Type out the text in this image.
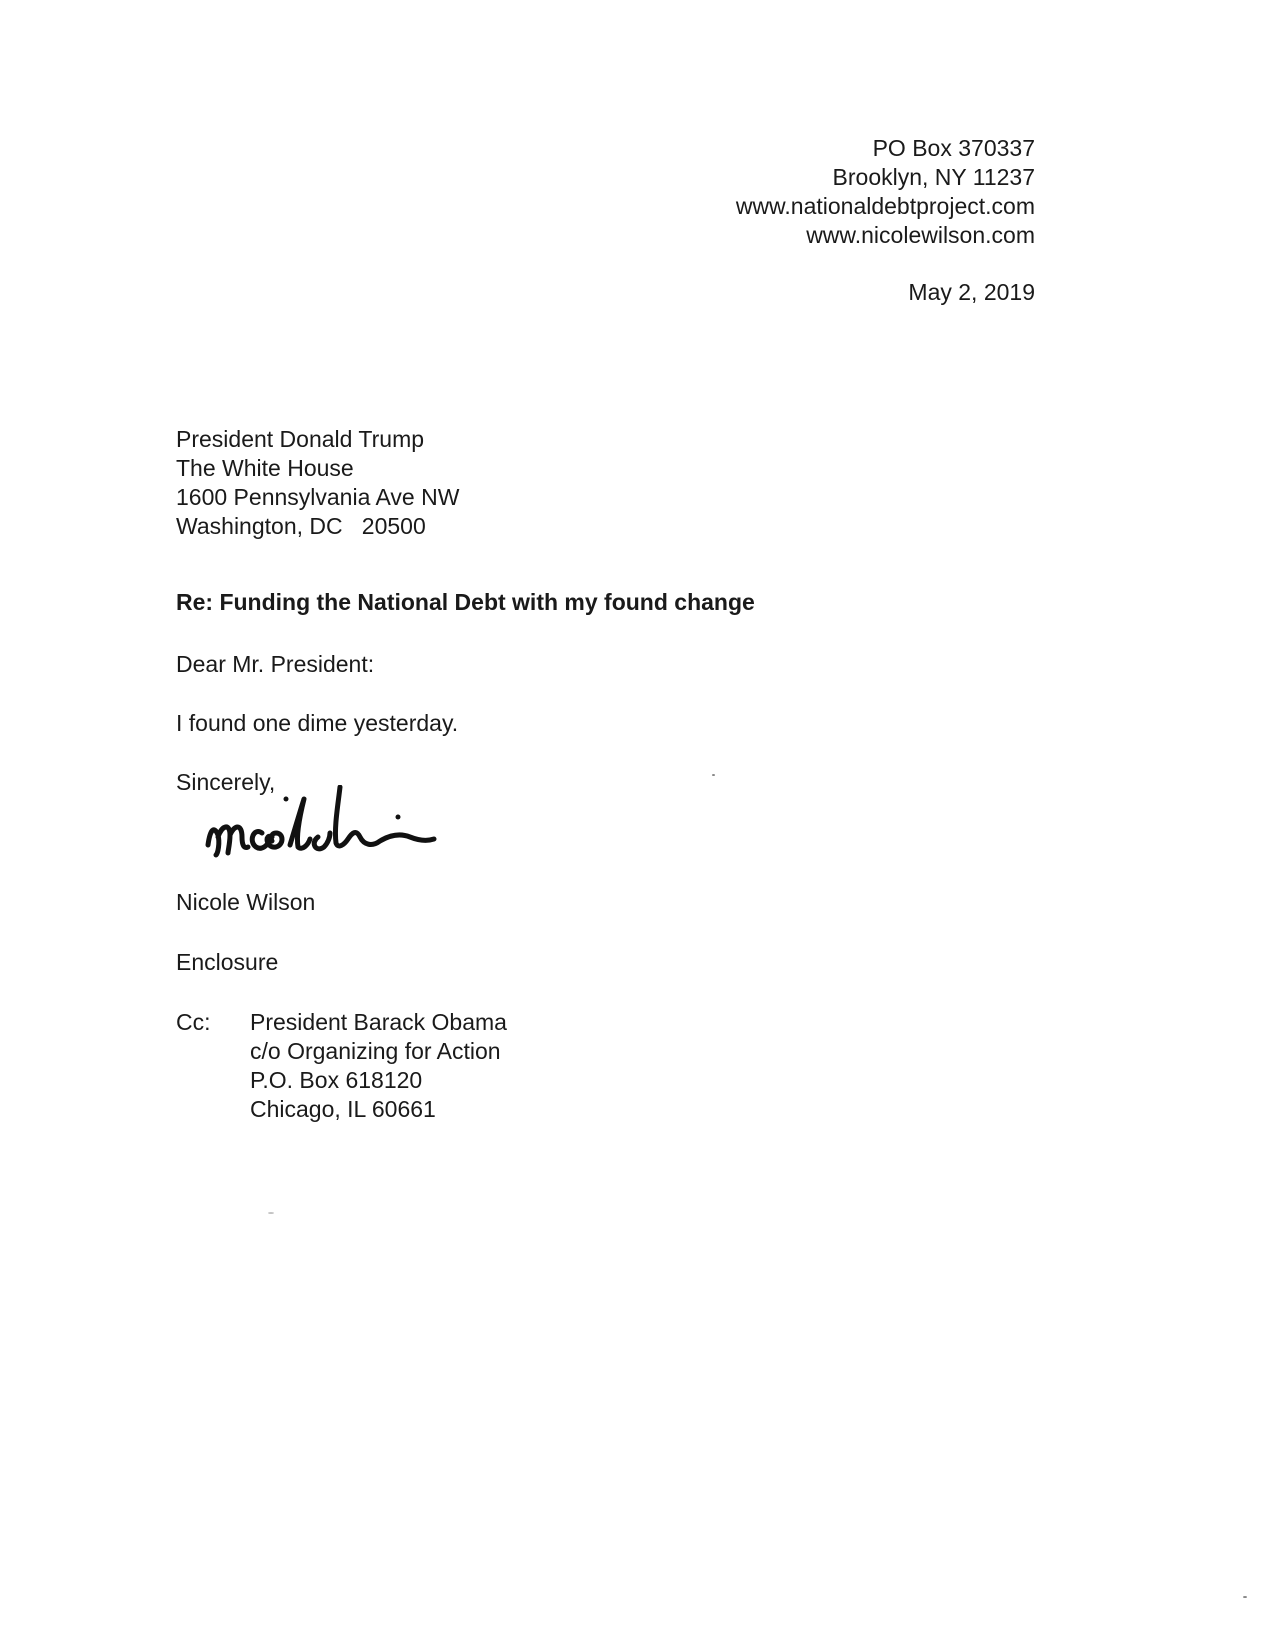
PO Box 370337
Brooklyn, NY 11237
www.nationaldebtproject.com
www.nicolewilson.com
May 2, 2019
President Donald Trump
The White House
1600 Pennsylvania Ave NW
Washington, DC   20500
Re: Funding the National Debt with my found change
Dear Mr. President:
I found one dime yesterday.
Sincerely,
Nicole Wilson
Enclosure
Cc: President Barack Obama
c/o Organizing for Action
P.O. Box 618120
Chicago, IL 60661
